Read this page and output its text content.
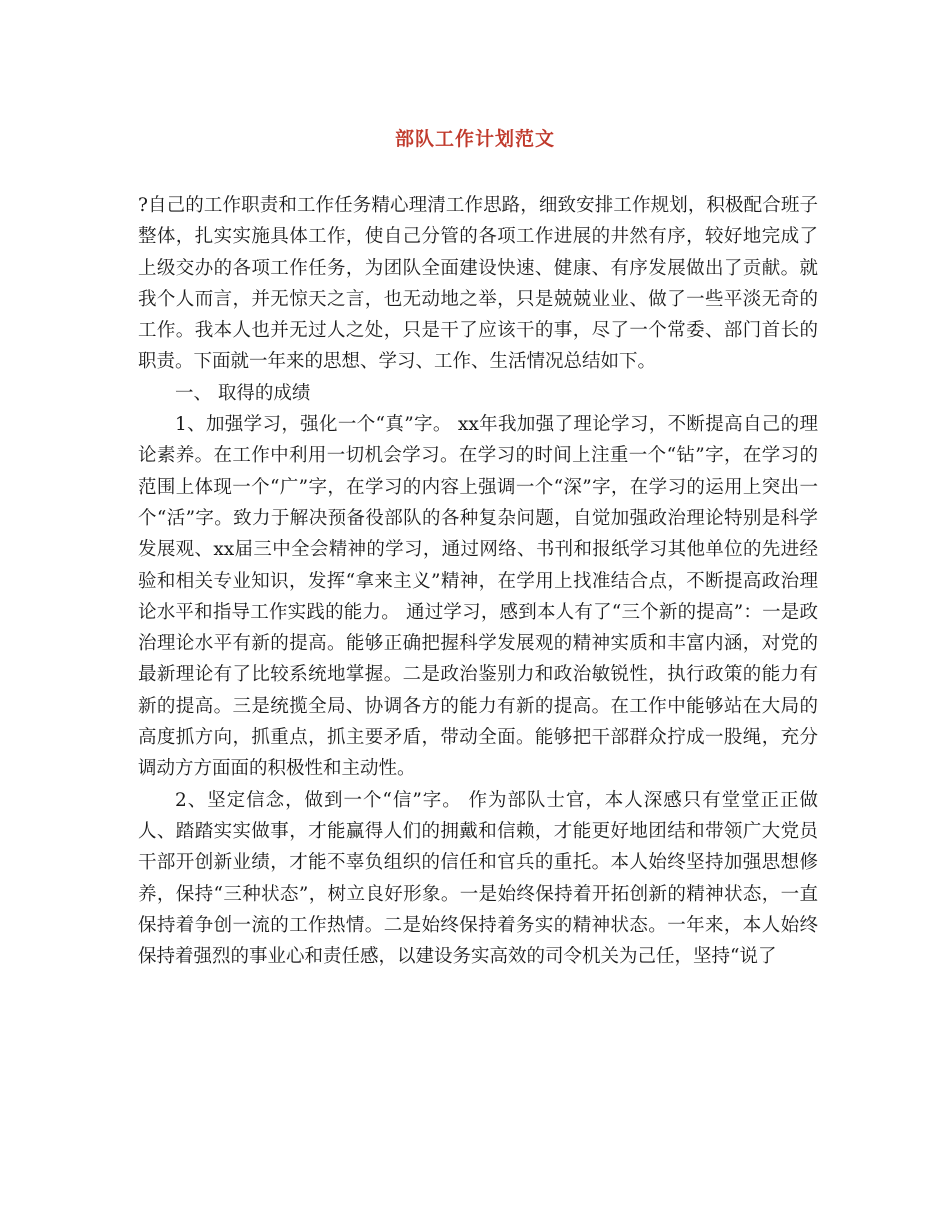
部队工作计划范文

?自己的工作职责和工作任务精心理清工作思路，细致安排工作规划，积极配合班子整体，扎实实施具体工作，使自己分管的各项工作进展的井然有序，较好地完成了上级交办的各项工作任务，为团队全面建设快速、健康、有序发展做出了贡献。就我个人而言，并无惊天之言，也无动地之举，只是兢兢业业、做了一些平淡无奇的工作。我本人也并无过人之处，只是干了应该干的事，尽了一个常委、部门首长的职责。下面就一年来的思想、学习、工作、生活情况总结如下。

一、 取得的成绩

1、加强学习，强化一个“真”字。 xx年我加强了理论学习，不断提高自己的理论素养。在工作中利用一切机会学习。在学习的时间上注重一个“钻”字，在学习的范围上体现一个“广”字，在学习的内容上强调一个“深”字，在学习的运用上突出一个“活”字。致力于解决预备役部队的各种复杂问题，自觉加强政治理论特别是科学发展观、xx届三中全会精神的学习，通过网络、书刊和报纸学习其他单位的先进经验和相关专业知识，发挥“拿来主义”精神，在学用上找准结合点，不断提高政治理论水平和指导工作实践的能力。 通过学习，感到本人有了“三个新的提高”：一是政治理论水平有新的提高。能够正确把握科学发展观的精神实质和丰富内涵，对党的最新理论有了比较系统地掌握。二是政治鉴别力和政治敏锐性，执行政策的能力有新的提高。三是统揽全局、协调各方的能力有新的提高。在工作中能够站在大局的高度抓方向，抓重点，抓主要矛盾，带动全面。能够把干部群众拧成一股绳，充分调动方方面面的积极性和主动性。

2、坚定信念，做到一个“信”字。 作为部队士官，本人深感只有堂堂正正做人、踏踏实实做事，才能赢得人们的拥戴和信赖，才能更好地团结和带领广大党员干部开创新业绩，才能不辜负组织的信任和官兵的重托。本人始终坚持加强思想修养，保持“三种状态”，树立良好形象。一是始终保持着开拓创新的精神状态，一直保持着争创一流的工作热情。二是始终保持着务实的精神状态。一年来，本人始终保持着强烈的事业心和责任感，以建设务实高效的司令机关为己任，坚持“说了
